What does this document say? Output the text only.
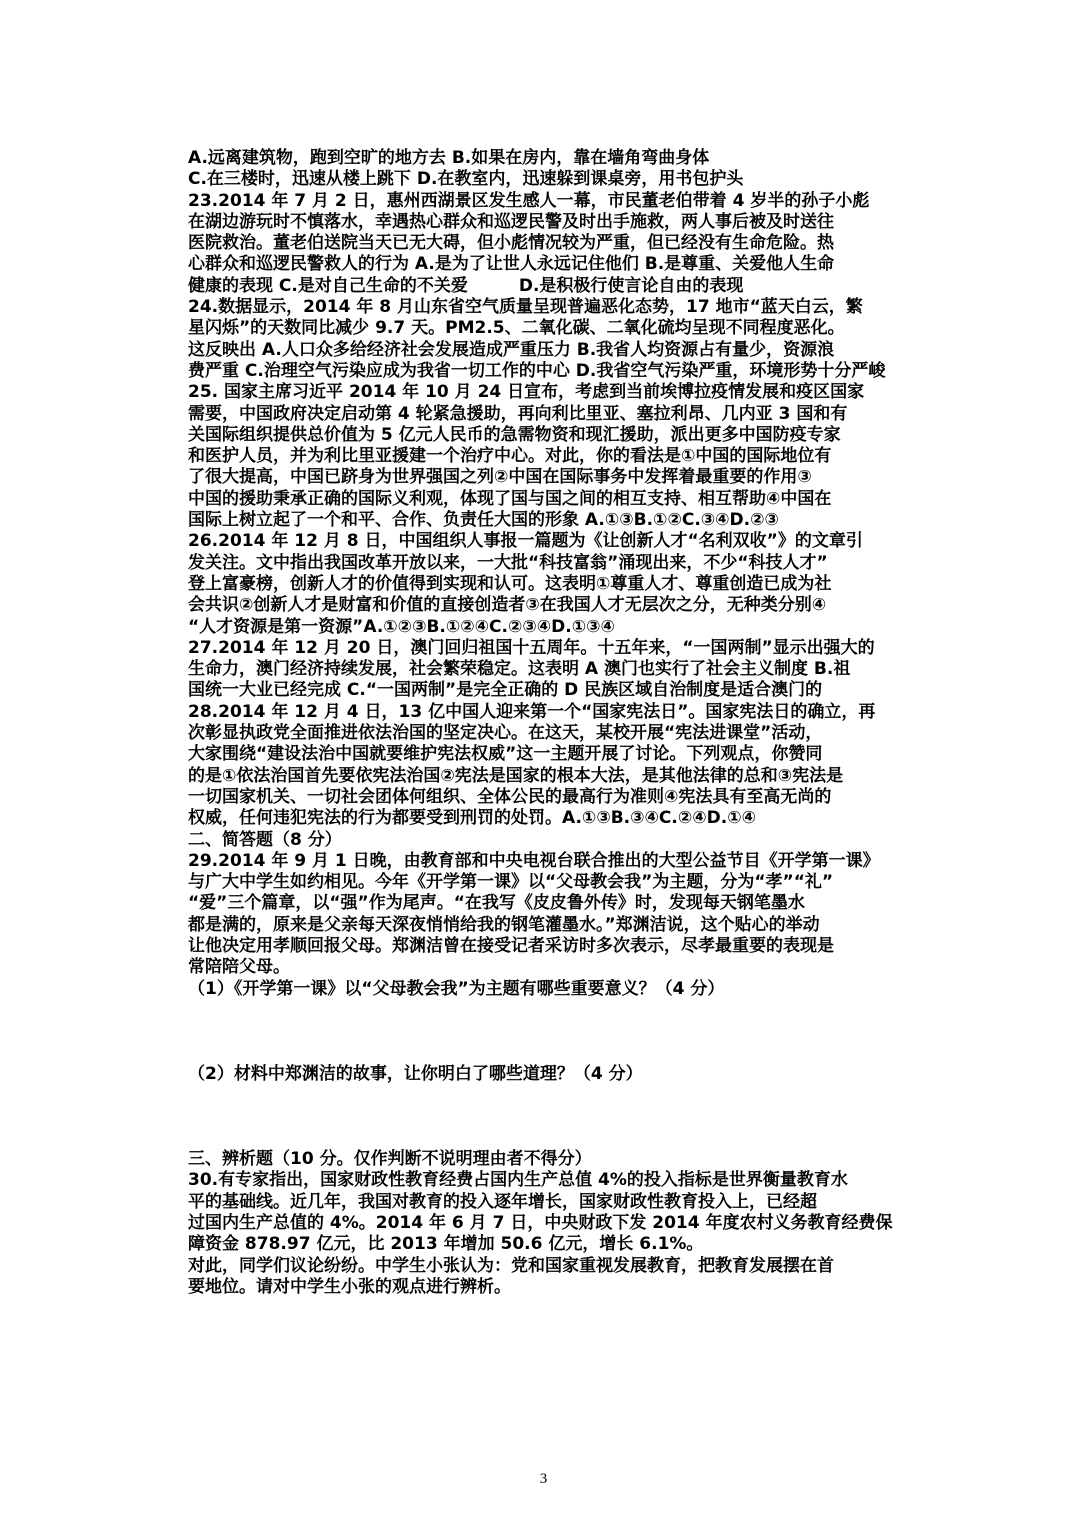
A.远离建筑物，跑到空旷的地方去 B.如果在房内，靠在墙角弯曲身体
C.在三楼时，迅速从楼上跳下 D.在教室内，迅速躲到课桌旁，用书包护头
23.2014 年 7 月 2 日，惠州西湖景区发生感人一幕，市民董老伯带着 4 岁半的孙子小彪
在湖边游玩时不慎落水，幸遇热心群众和巡逻民警及时出手施救，两人事后被及时送往
医院救治。董老伯送院当天已无大碍，但小彪情况较为严重，但已经没有生命危险。热
心群众和巡逻民警救人的行为 A.是为了让世人永远记住他们 B.是尊重、关爱他人生命
健康的表现 C.是对自己生命的不关爱　　　D.是积极行使言论自由的表现
24.数据显示，2014 年 8 月山东省空气质量呈现普遍恶化态势，17 地市“蓝天白云，繁
星闪烁”的天数同比减少 9.7 天。PM2.5、二氧化碳、二氧化硫均呈现不同程度恶化。
这反映出 A.人口众多给经济社会发展造成严重压力 B.我省人均资源占有量少，资源浪
费严重 C.治理空气污染应成为我省一切工作的中心 D.我省空气污染严重，环境形势十分严峻
25. 国家主席习近平 2014 年 10 月 24 日宣布，考虑到当前埃博拉疫情发展和疫区国家
需要，中国政府决定启动第 4 轮紧急援助，再向利比里亚、塞拉利昂、几内亚 3 国和有
关国际组织提供总价值为 5 亿元人民币的急需物资和现汇援助，派出更多中国防疫专家
和医护人员，并为利比里亚援建一个治疗中心。对此，你的看法是①中国的国际地位有
了很大提高，中国已跻身为世界强国之列②中国在国际事务中发挥着最重要的作用③
中国的援助秉承正确的国际义利观，体现了国与国之间的相互支持、相互帮助④中国在
国际上树立起了一个和平、合作、负责任大国的形象 A.①③B.①②C.③④D.②③
26.2014 年 12 月 8 日，中国组织人事报一篇题为《让创新人才“名利双收”》的文章引
发关注。文中指出我国改革开放以来，一大批“科技富翁”涌现出来，不少“科技人才”
登上富豪榜，创新人才的价值得到实现和认可。这表明①尊重人才、尊重创造已成为社
会共识②创新人才是财富和价值的直接创造者③在我国人才无层次之分，无种类分别④
“人才资源是第一资源”A.①②③B.①②④C.②③④D.①③④
27.2014 年 12 月 20 日，澳门回归祖国十五周年。十五年来，“一国两制”显示出强大的
生命力，澳门经济持续发展，社会繁荣稳定。这表明 A 澳门也实行了社会主义制度 B.祖
国统一大业已经完成 C.“一国两制”是完全正确的 D 民族区域自治制度是适合澳门的
28.2014 年 12 月 4 日，13 亿中国人迎来第一个“国家宪法日”。国家宪法日的确立，再
次彰显执政党全面推进依法治国的坚定决心。在这天，某校开展“宪法进课堂”活动，
大家围绕“建设法治中国就要维护宪法权威”这一主题开展了讨论。下列观点，你赞同
的是①依法治国首先要依宪法治国②宪法是国家的根本大法，是其他法律的总和③宪法是
一切国家机关、一切社会团体何组织、全体公民的最高行为准则④宪法具有至高无尚的
权威，任何违犯宪法的行为都要受到刑罚的处罚。A.①③B.③④C.②④D.①④
二、简答题（8 分）
29.2014 年 9 月 1 日晚，由教育部和中央电视台联合推出的大型公益节目《开学第一课》
与广大中学生如约相见。今年《开学第一课》以“父母教会我”为主题，分为“孝”“礼”
“爱”三个篇章，以“强”作为尾声。“在我写《皮皮鲁外传》时，发现每天钢笔墨水
都是满的，原来是父亲每天深夜悄悄给我的钢笔灌墨水。”郑渊洁说，这个贴心的举动
让他决定用孝顺回报父母。郑渊洁曾在接受记者采访时多次表示，尽孝最重要的表现是
常陪陪父母。
（1）《开学第一课》以“父母教会我”为主题有哪些重要意义？（4 分）
（2）材料中郑渊洁的故事，让你明白了哪些道理？（4 分）
三、辨析题（10 分。仅作判断不说明理由者不得分）
30.有专家指出，国家财政性教育经费占国内生产总值 4%的投入指标是世界衡量教育水
平的基础线。近几年，我国对教育的投入逐年增长，国家财政性教育投入上，已经超
过国内生产总值的 4%。2014 年 6 月 7 日，中央财政下发 2014 年度农村义务教育经费保
障资金 878.97 亿元，比 2013 年增加 50.6 亿元，增长 6.1%。
对此，同学们议论纷纷。中学生小张认为：党和国家重视发展教育，把教育发展摆在首
要地位。请对中学生小张的观点进行辨析。
3
